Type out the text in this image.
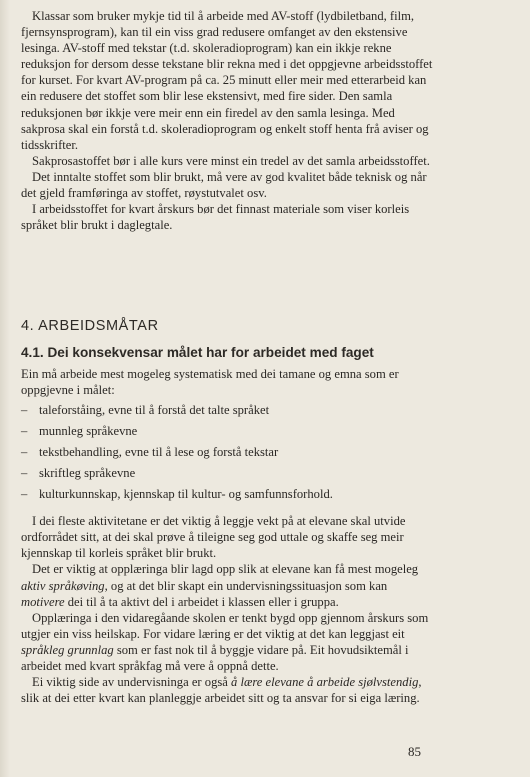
Klassar som bruker mykje tid til å arbeide med AV-stoff (lydbiletband, film, fjernsynsprogram), kan til ein viss grad redusere omfanget av den ekstensive lesinga. AV-stoff med tekstar (t.d. skoleradioprogram) kan ein ikkje rekne reduksjon for dersom desse tekstane blir rekna med i det oppgjevne arbeidsstoffet for kurset. For kvart AV-program på ca. 25 minutt eller meir med etterarbeid kan ein redusere det stoffet som blir lese ekstensivt, med fire sider. Den samla reduksjonen bør ikkje vere meir enn ein firedel av den samla lesinga. Med sakprosa skal ein forstå t.d. skoleradioprogram og enkelt stoff henta frå aviser og tidsskrifter.

Sakprosastoffet bør i alle kurs vere minst ein tredel av det samla arbeidsstoffet.

Det inntalte stoffet som blir brukt, må vere av god kvalitet både teknisk og når det gjeld framføringa av stoffet, røystutvalet osv.

I arbeidsstoffet for kvart årskurs bør det finnast materiale som viser korleis språket blir brukt i daglegtale.

4. ARBEIDSMÅTAR
4.1. Dei konsekvensar målet har for arbeidet med faget

Ein må arbeide mest mogeleg systematisk med dei tamane og emna som er oppgjevne i målet:

– taleforståing, evne til å forstå det talte språket
– munnleg språkevne
– tekstbehandling, evne til å lese og forstå tekstar
– skriftleg språkevne
– kulturkunnskap, kjennskap til kultur- og samfunnsforhold.

I dei fleste aktivitetane er det viktig å leggje vekt på at elevane skal utvide ordforrådet sitt, at dei skal prøve å tileigne seg god uttale og skaffe seg meir kjennskap til korleis språket blir brukt.

Det er viktig at opplæringa blir lagd opp slik at elevane kan få mest mogeleg aktiv språkøving, og at det blir skapt ein undervisningssituasjon som kan motivere dei til å ta aktivt del i arbeidet i klassen eller i gruppa.

Opplæringa i den vidaregåande skolen er tenkt bygd opp gjennom årskurs som utgjer ein viss heilskap. For vidare læring er det viktig at det kan leggjast eit språkleg grunnlag som er fast nok til å byggje vidare på. Eit hovudsiktemål i arbeidet med kvart språkfag må vere å oppnå dette.

Ei viktig side av undervisninga er også å lære elevane å arbeide sjølvstendig, slik at dei etter kvart kan planleggje arbeidet sitt og ta ansvar for si eiga læring.

85
